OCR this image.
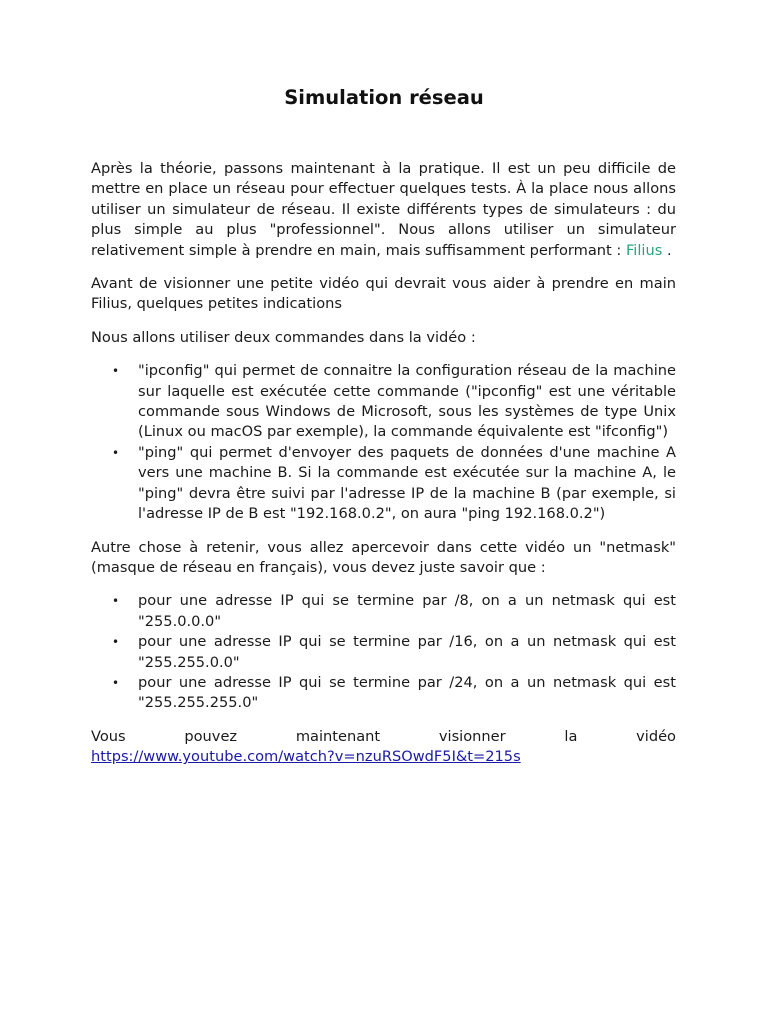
Simulation réseau

Après la théorie, passons maintenant à la pratique. Il est un peu difficile de mettre en place un réseau pour effectuer quelques tests. À la place nous allons utiliser un simulateur de réseau. Il existe différents types de simulateurs : du plus simple au plus "professionnel". Nous allons utiliser un simulateur relativement simple à prendre en main, mais suffisamment performant : Filius .

Avant de visionner une petite vidéo qui devrait vous aider à prendre en main Filius, quelques petites indications

Nous allons utiliser deux commandes dans la vidéo :

• "ipconfig" qui permet de connaitre la configuration réseau de la machine sur laquelle est exécutée cette commande ("ipconfig" est une véritable commande sous Windows de Microsoft, sous les systèmes de type Unix (Linux ou macOS par exemple), la commande équivalente est "ifconfig")
• "ping" qui permet d'envoyer des paquets de données d'une machine A vers une machine B. Si la commande est exécutée sur la machine A, le "ping" devra être suivi par l'adresse IP de la machine B (par exemple, si l'adresse IP de B est "192.168.0.2", on aura "ping 192.168.0.2")

Autre chose à retenir, vous allez apercevoir dans cette vidéo un "netmask" (masque de réseau en français), vous devez juste savoir que :

• pour une adresse IP qui se termine par /8, on a un netmask qui est "255.0.0.0"
• pour une adresse IP qui se termine par /16, on a un netmask qui est "255.255.0.0"
• pour une adresse IP qui se termine par /24, on a un netmask qui est "255.255.255.0"

Vous pouvez maintenant visionner la vidéo
https://www.youtube.com/watch?v=nzuRSOwdF5I&t=215s
